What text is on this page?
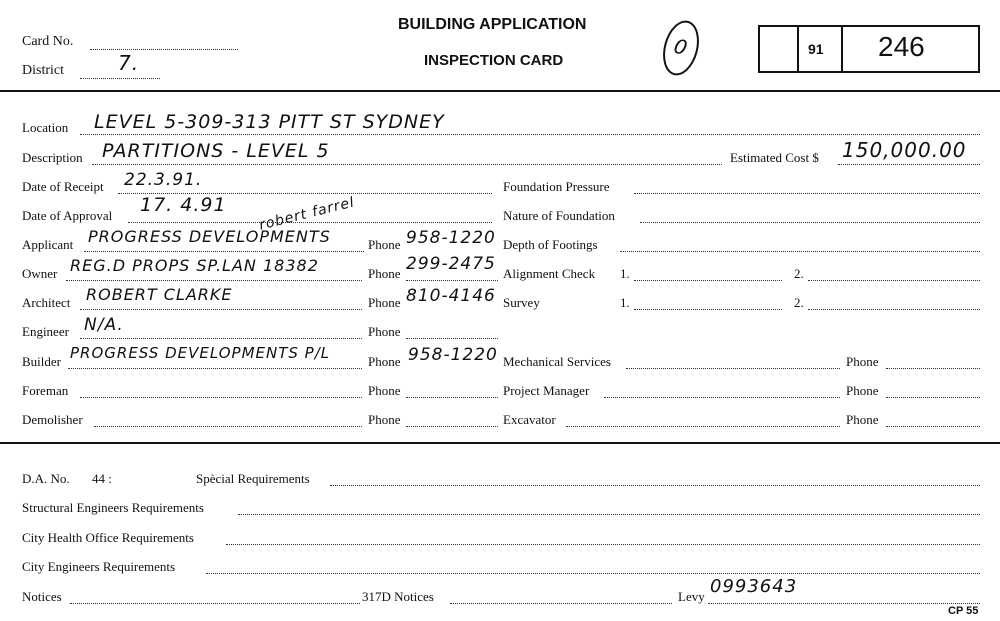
Card No.
District	7.
BUILDING APPLICATION
INSPECTION CARD
0	91 246
Location LEVEL 5-309-313 PITT ST SYDNEY
Description PARTITIONS - LEVEL 5	Estimated Cost $ 150,000.00
Date of Receipt 22.3.91.
Date of Approval 17. 4.91 robert farrel
Applicant PROGRESS DEVELOPMENTS	Phone 958-1220
Owner REG.D PROPS SP.LAN 18382	Phone 299-2475
Architect ROBERT CLARKE	Phone 810-4146
Engineer N/A.	Phone
Builder PROGRESS DEVELOPMENTS P/L	Phone 958-1220
Foreman	Phone
Demolisher	Phone
Foundation Pressure
Nature of Foundation
Depth of Footings
Alignment Check 1.	2.
Survey	1.	2.
Mechanical Services	Phone
Project Manager	Phone
Excavator	Phone
D.A. No. 44 :	Spècial Requirements
Structural Engineers Requirements
City Health Office Requirements
City Engineers Requirements
Notices	317D Notices	Levy 0993643
CP 55
